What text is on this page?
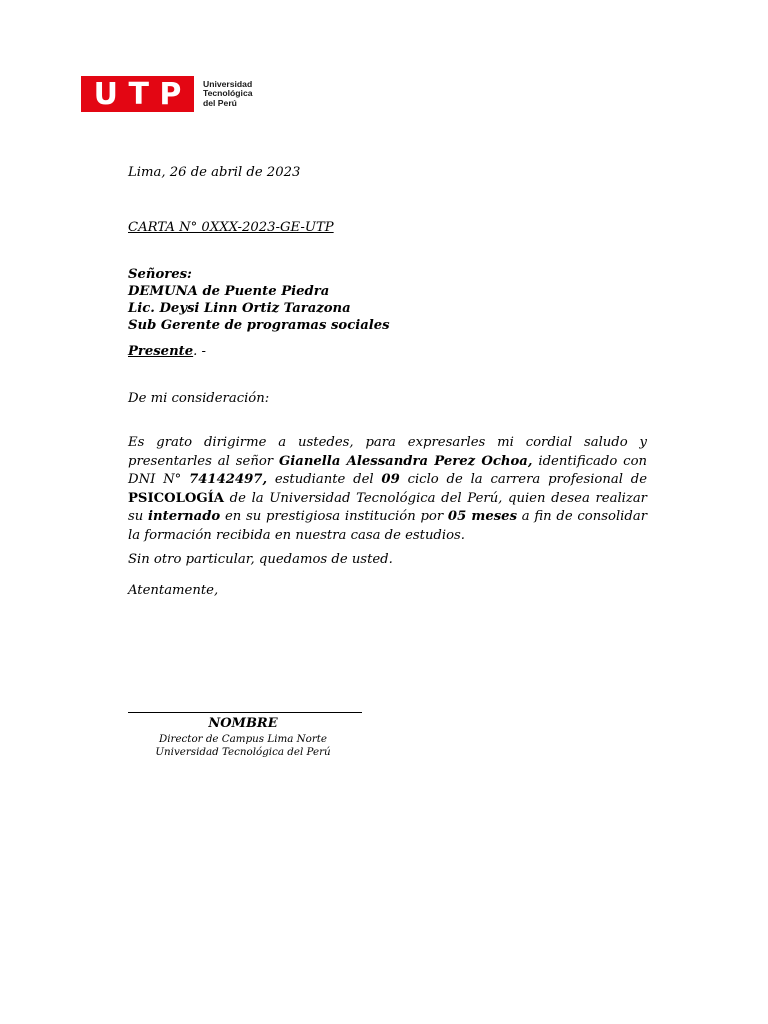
U T P	Universidad
Tecnológica
del Perú
Lima, 26 de abril de 2023
CARTA N° 0XXX-2023-GE-UTP
Señores:
DEMUNA de Puente Piedra
Lic. Deysi Linn Ortiz Tarazona
Sub Gerente de programas sociales
Presente. -
De mi consideración:
Es grato dirigirme a ustedes, para expresarles mi cordial saludo y presentarles al señor Gianella Alessandra Perez Ochoa, identificado con DNI N° 74142497, estudiante del 09 ciclo de la carrera profesional de PSICOLOGÍA de la Universidad Tecnológica del Perú, quien desea realizar su internado en su prestigiosa institución por 05 meses a fin de consolidar la formación recibida en nuestra casa de estudios.
Sin otro particular, quedamos de usted.
Atentamente,
NOMBRE
Director de Campus Lima Norte
Universidad Tecnológica del Perú
